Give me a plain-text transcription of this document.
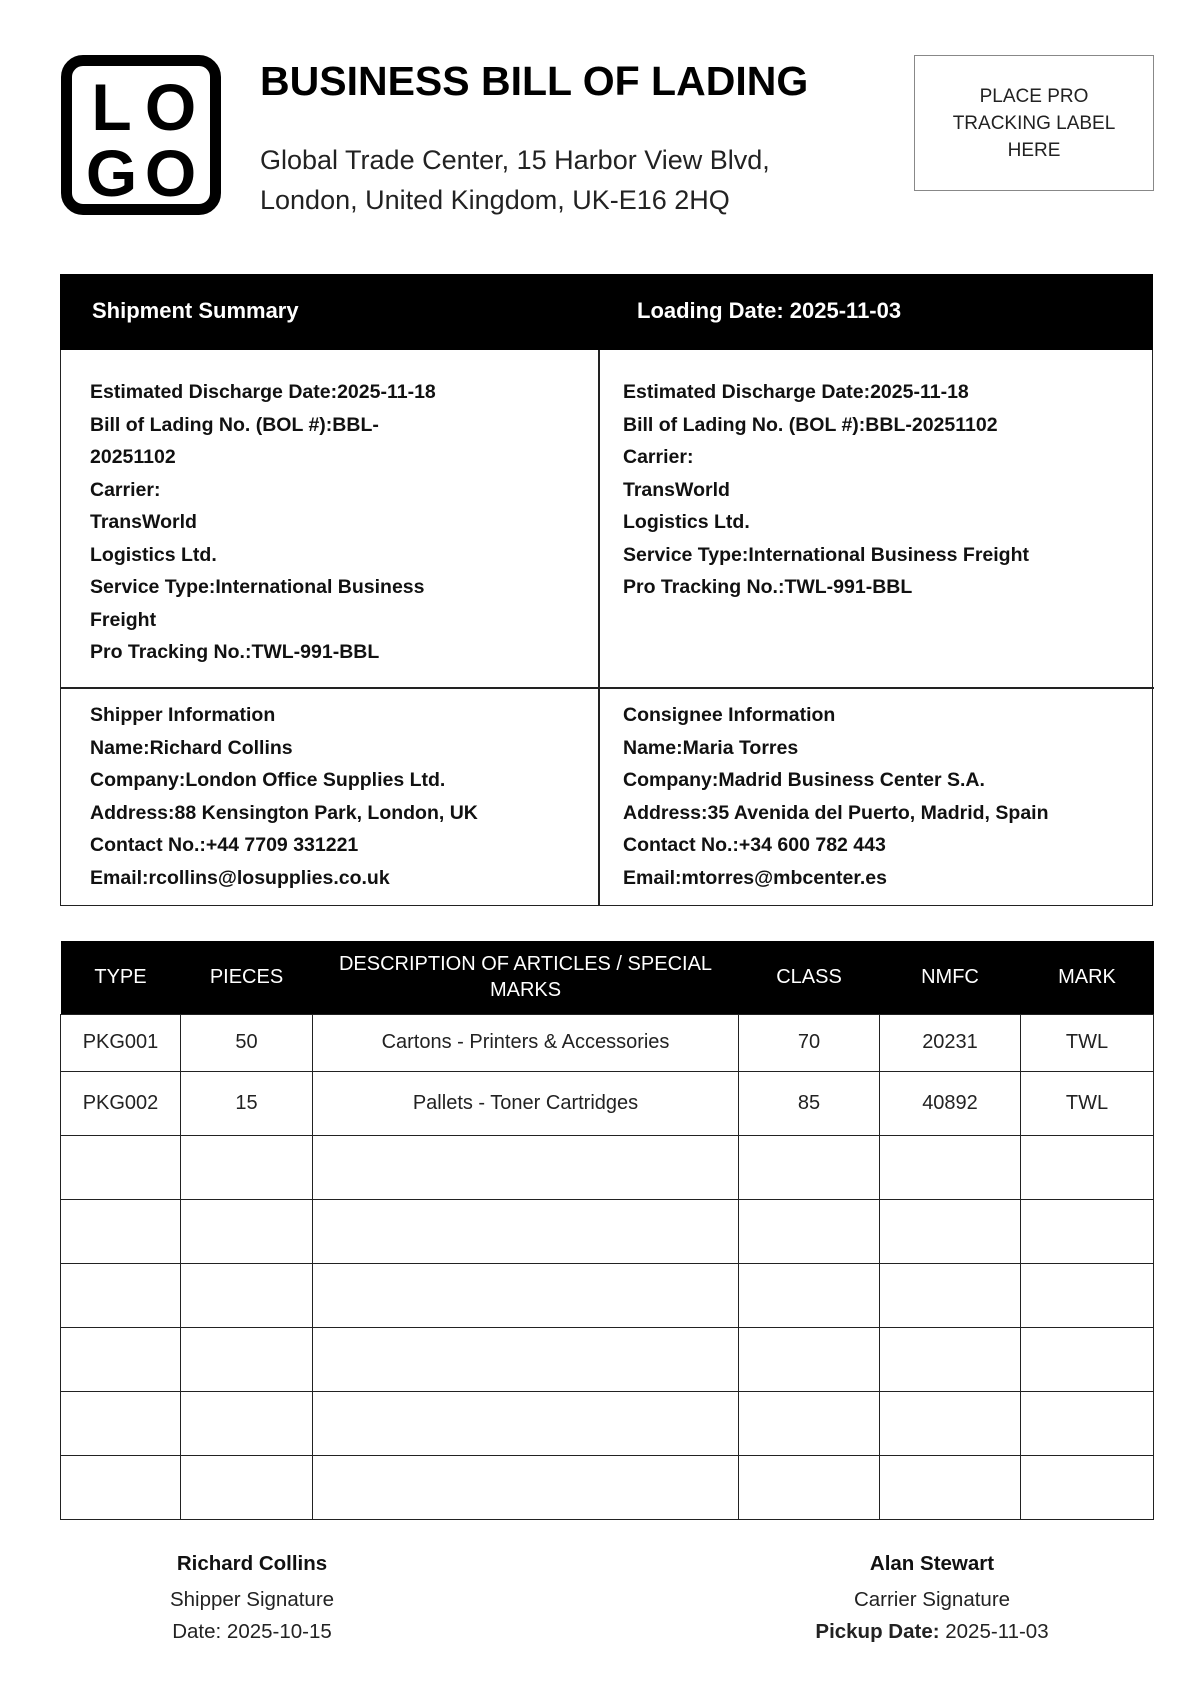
L O
G O
BUSINESS BILL OF LADING
Global Trade Center, 15 Harbor View Blvd,
London, United Kingdom, UK-E16 2HQ
PLACE PRO
TRACKING LABEL
HERE
Shipment Summary	Loading Date: 2025-11-03
Estimated Discharge Date:2025-11-18
Bill of Lading No. (BOL #):BBL-
20251102
Carrier:
TransWorld
Logistics Ltd.
Service Type:International Business
Freight
Pro Tracking No.:TWL-991-BBL
Estimated Discharge Date:2025-11-18
Bill of Lading No. (BOL #):BBL-20251102
Carrier:
TransWorld
Logistics Ltd.
Service Type:International Business Freight
Pro Tracking No.:TWL-991-BBL
Shipper Information
Name:Richard Collins
Company:London Office Supplies Ltd.
Address:88 Kensington Park, London, UK
Contact No.:+44 7709 331221
Email:rcollins@losupplies.co.uk
Consignee Information
Name:Maria Torres
Company:Madrid Business Center S.A.
Address:35 Avenida del Puerto, Madrid, Spain
Contact No.:+34 600 782 443
Email:mtorres@mbcenter.es
TYPE	PIECES	DESCRIPTION OF ARTICLES / SPECIAL MARKS	CLASS	NMFC	MARK
PKG001	50	Cartons - Printers & Accessories	70	20231	TWL
PKG002	15	Pallets - Toner Cartridges	85	40892	TWL

Richard Collins
Shipper Signature
Date: 2025-10-15
Alan Stewart
Carrier Signature
Pickup Date: 2025-11-03
